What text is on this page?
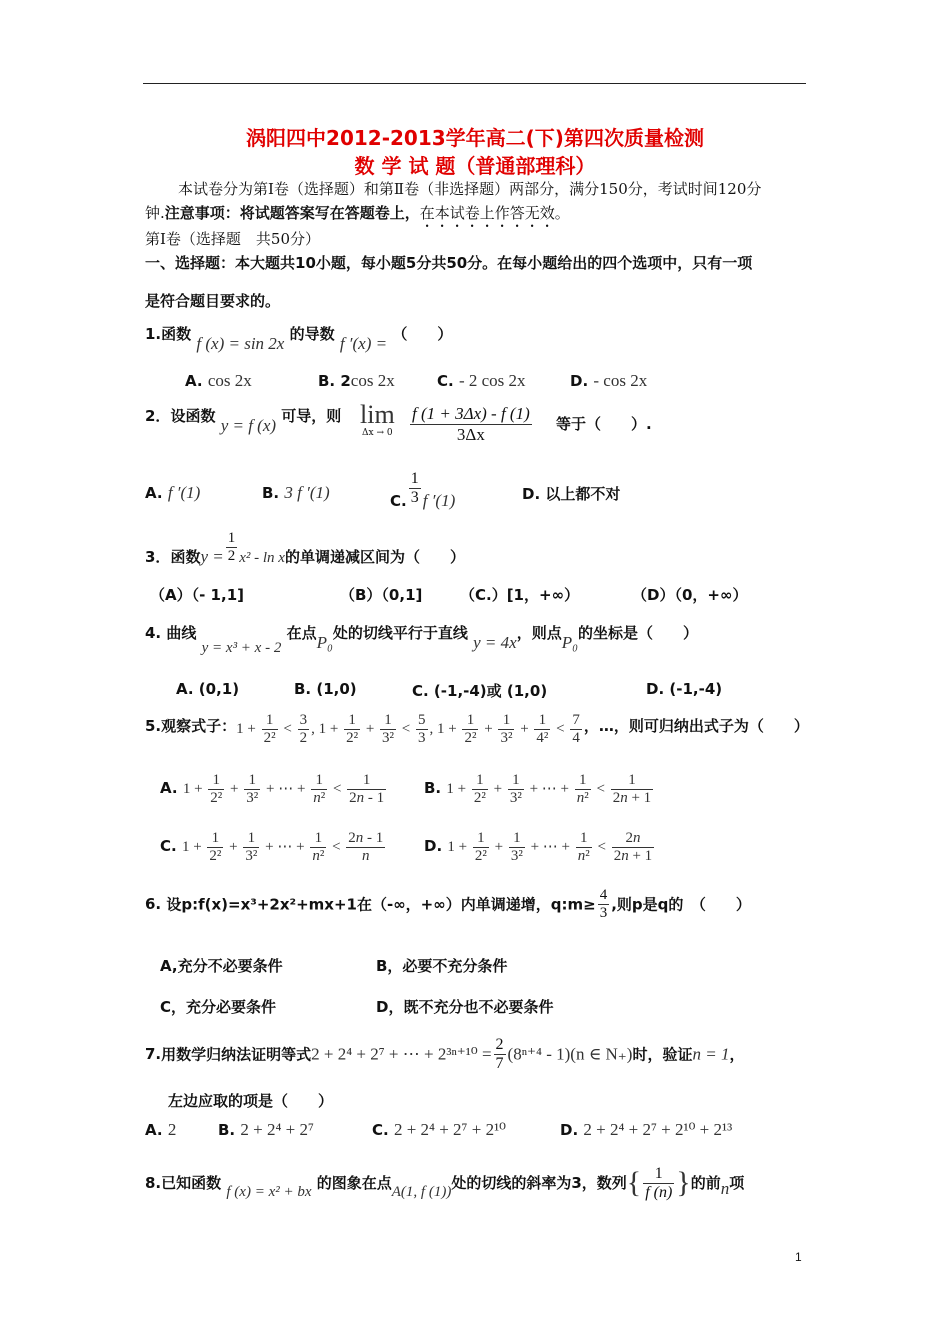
涡阳四中2012-2013学年高二(下)第四次质量检测
数 学 试 题（普通部理科）
本试卷分为第Ⅰ卷（选择题）和第Ⅱ卷（非选择题）两部分，满分150分，考试时间120分
钟.注意事项：将试题答案写在答题卷上，在本试卷上作答无效。
第Ⅰ卷（选择题　共50分）
一、选择题：本大题共10小题，每小题5分共50分。在每小题给出的四个选项中，只有一项
是符合题目要求的。
1.函数 f (x) = sin 2x 的导数 f ′(x) = （　　）
A. cos 2x	B. 2cos 2x	C. - 2 cos 2x	D. - cos 2x
2．设函数 y = f (x) 可导，则 lim
$\Delta x \to 0 \frac{f (1 + 3\Delta x) - f (1)}{3\Delta x}$ 等于（　　）.
A. f ′(1)	B. 3 f ′(1)	C. $\frac{1}{3}$ f ′(1)	D. 以上都不对
3．函数$y = \frac{1}{2} x^2 - \ln x$的单调递减区间为（　　）
（A）（- 1,1]	（B）（0,1]	（C.）[1，+∞）	（D）（0，+∞）
4. 曲线 y = x³ + x - 2 在点P₀处的切线平行于直线 y = 4x，则点P₀的坐标是（　　）
A. (0,1)	B. (1,0)	C. (-1,-4)或 (1,0)	D. (-1,-4)
5.观察式子：$1 + \frac{1}{\text{2²}} < \frac{3}{2}$ , $1 + \frac{1}{\text{2²}} + \frac{1}{\text{3²}} < \frac{5}{3}$ , $1 + \frac{1}{\text{2²}} + \frac{1}{\text{3²}} + \frac{1}{\text{4²}} < \frac{7}{4}$ ，…，则可归纳出式子为（　　）
A. $1 + \frac{1}{\text{2²}} + \frac{1}{\text{3²}}$ + ⋯ + $\frac{1}{\text{n²}} < \frac{1}{2n - 1}$	B. $1 + \frac{1}{\text{2²}} + \frac{1}{\text{3²}}$ + ⋯ + $\frac{1}{\text{n²}} < \frac{1}{2n + 1}$
C. $1 + \frac{1}{\text{2²}} + \frac{1}{\text{3²}}$ + ⋯ + $\frac{1}{\text{n²}} < \frac{2n - 1}{n}$	D. $1 + \frac{1}{\text{2²}} + \frac{1}{\text{3²}}$ + ⋯ + $\frac{1}{\text{n²}} < \frac{2n}{2n + 1}$
6. 设p:f(x)=x³+2x²+mx+1在（-∞，+∞）内单调递增，q:m≥ $\frac{4}{3}$ ,则p是q的　（　　）
A,充分不必要条件	B，必要不充分条件
C，充分必要条件	D，既不充分也不必要条件
7.用数学归纳法证明等式2 + 2⁴ + 2⁷ + ⋯ + $2^{3n+10} = \frac{2}{7} (8^{n+4} - 1)(n$ ∈ N₊)时，验证n = 1，
左边应取的项是（　　）
A. 2	B. 2 + 2⁴ + 2⁷	C. 2 + 2⁴ + 2⁷ + 2¹⁰	D. 2 + 2⁴ + 2⁷ + 2¹⁰ + 2¹³
8.已知函数 f (x) = x² + bx 的图象在点A(1, f (1))处的切线的斜率为3，数列{ $\frac{1}{f (n)}$ }的前n项
1
